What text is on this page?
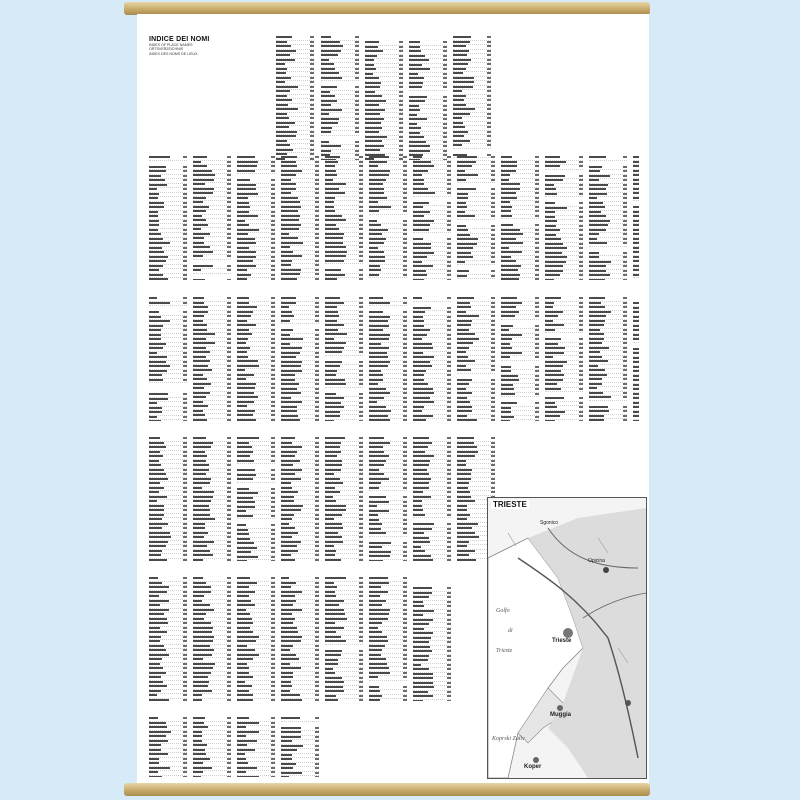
INDICE DEI NOMI
INDEX OF PLACE NAMES
ORTSVERZEICHNIS
INDEX DES NOMS DE LIEUX
TRIESTE
Sgonico
Opicina
Golfo
di
Trieste
Trieste
Muggia
Koprski Zaliv
Koper
